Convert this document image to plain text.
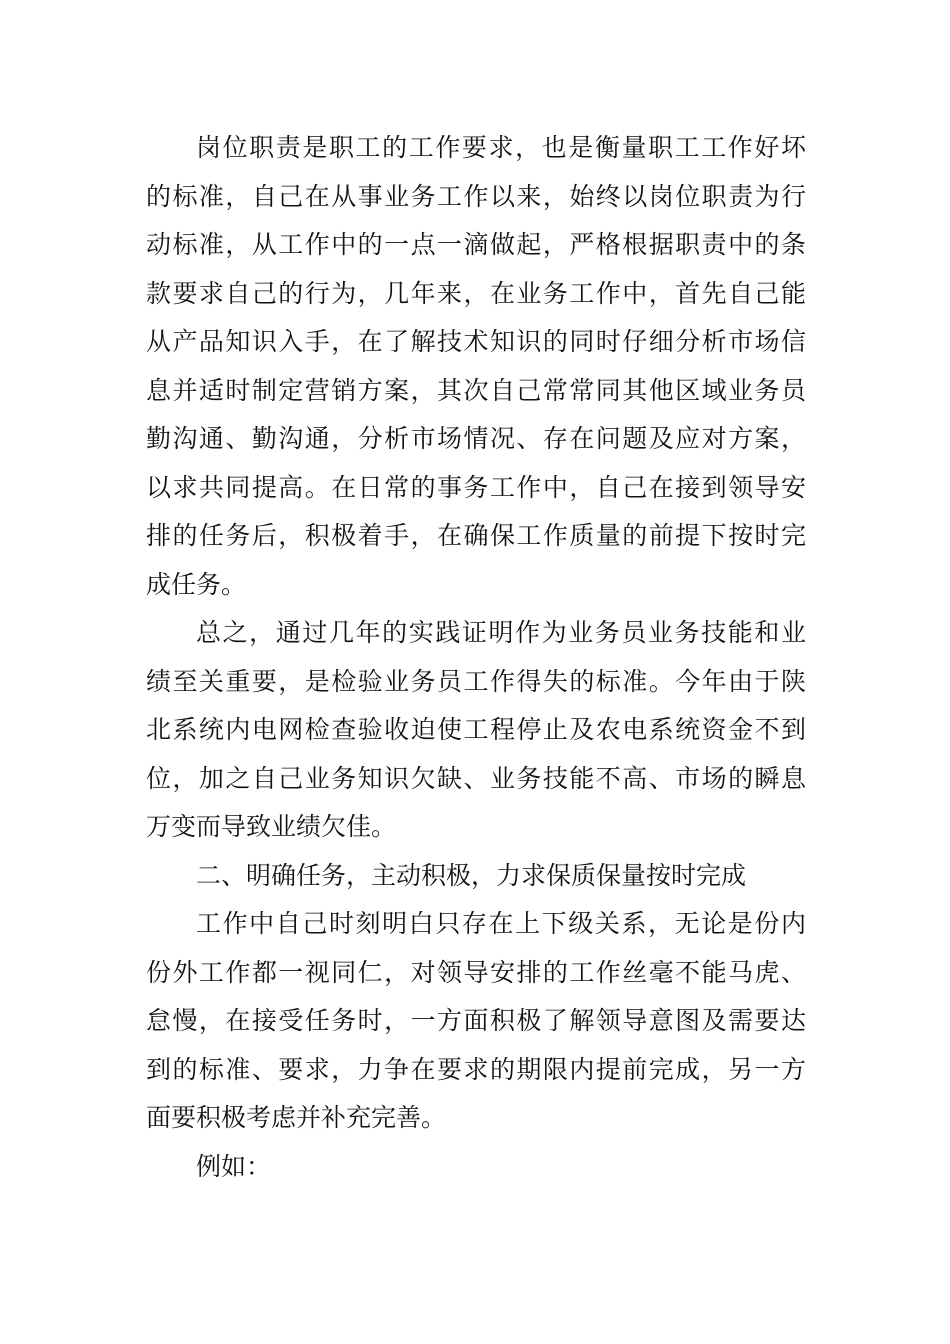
岗位职责是职工的工作要求，也是衡量职工工作好坏
的标准，自己在从事业务工作以来，始终以岗位职责为行
动标准，从工作中的一点一滴做起，严格根据职责中的条
款要求自己的行为，几年来，在业务工作中，首先自己能
从产品知识入手，在了解技术知识的同时仔细分析市场信
息并适时制定营销方案，其次自己常常同其他区域业务员
勤沟通、勤沟通，分析市场情况、存在问题及应对方案，
以求共同提高。在日常的事务工作中，自己在接到领导安
排的任务后，积极着手，在确保工作质量的前提下按时完
成任务。
总之，通过几年的实践证明作为业务员业务技能和业
绩至关重要，是检验业务员工作得失的标准。今年由于陕
北系统内电网检查验收迫使工程停止及农电系统资金不到
位，加之自己业务知识欠缺、业务技能不高、市场的瞬息
万变而导致业绩欠佳。
二、明确任务，主动积极，力求保质保量按时完成
工作中自己时刻明白只存在上下级关系，无论是份内
份外工作都一视同仁，对领导安排的工作丝毫不能马虎、
怠慢，在接受任务时，一方面积极了解领导意图及需要达
到的标准、要求，力争在要求的期限内提前完成，另一方
面要积极考虑并补充完善。
例如：
